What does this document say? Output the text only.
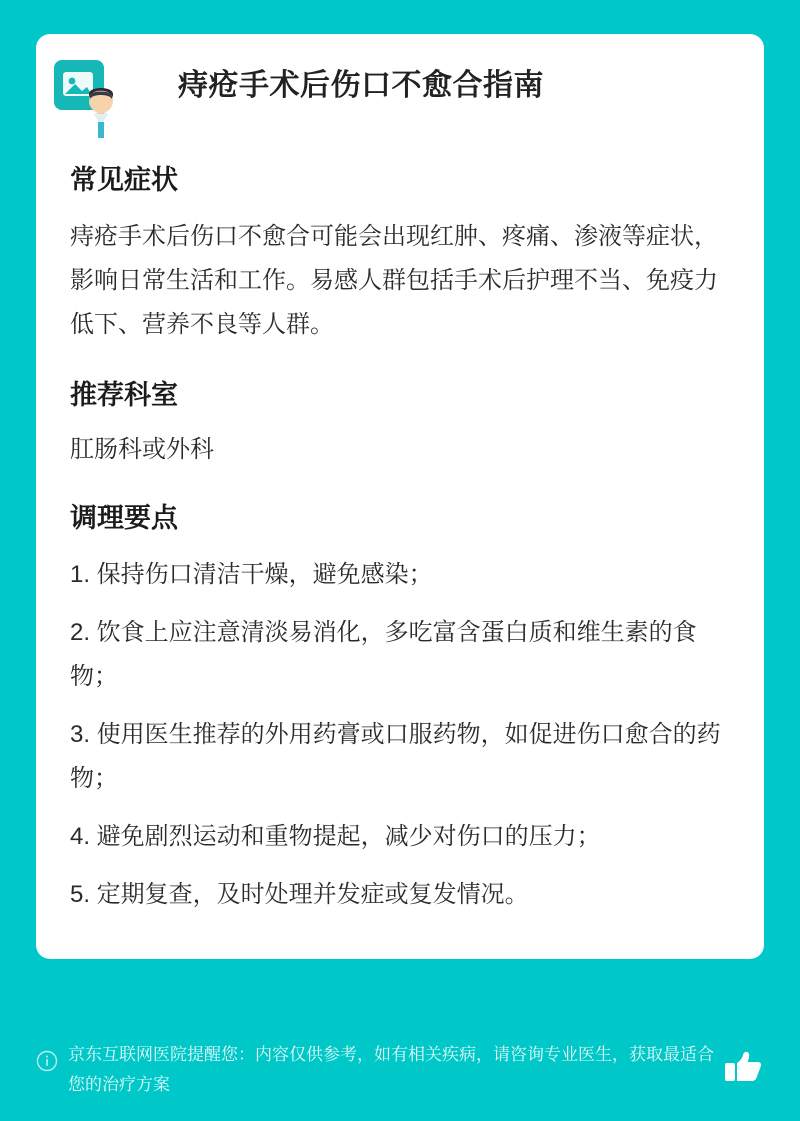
痔疮手术后伤口不愈合指南
常见症状

痔疮手术后伤口不愈合可能会出现红肿、疼痛、渗液等症状，影响日常生活和工作。易感人群包括手术后护理不当、免疫力低下、营养不良等人群。

推荐科室

肛肠科或外科

调理要点
1. 保持伤口清洁干燥，避免感染；
2. 饮食上应注意清淡易消化，多吃富含蛋白质和维生素的食物；
3. 使用医生推荐的外用药膏或口服药物，如促进伤口愈合的药物；
4. 避免剧烈运动和重物提起，减少对伤口的压力；
5. 定期复查，及时处理并发症或复发情况。
京东互联网医院提醒您：内容仅供参考，如有相关疾病，请咨询专业医生，获取最适合您的治疗方案
